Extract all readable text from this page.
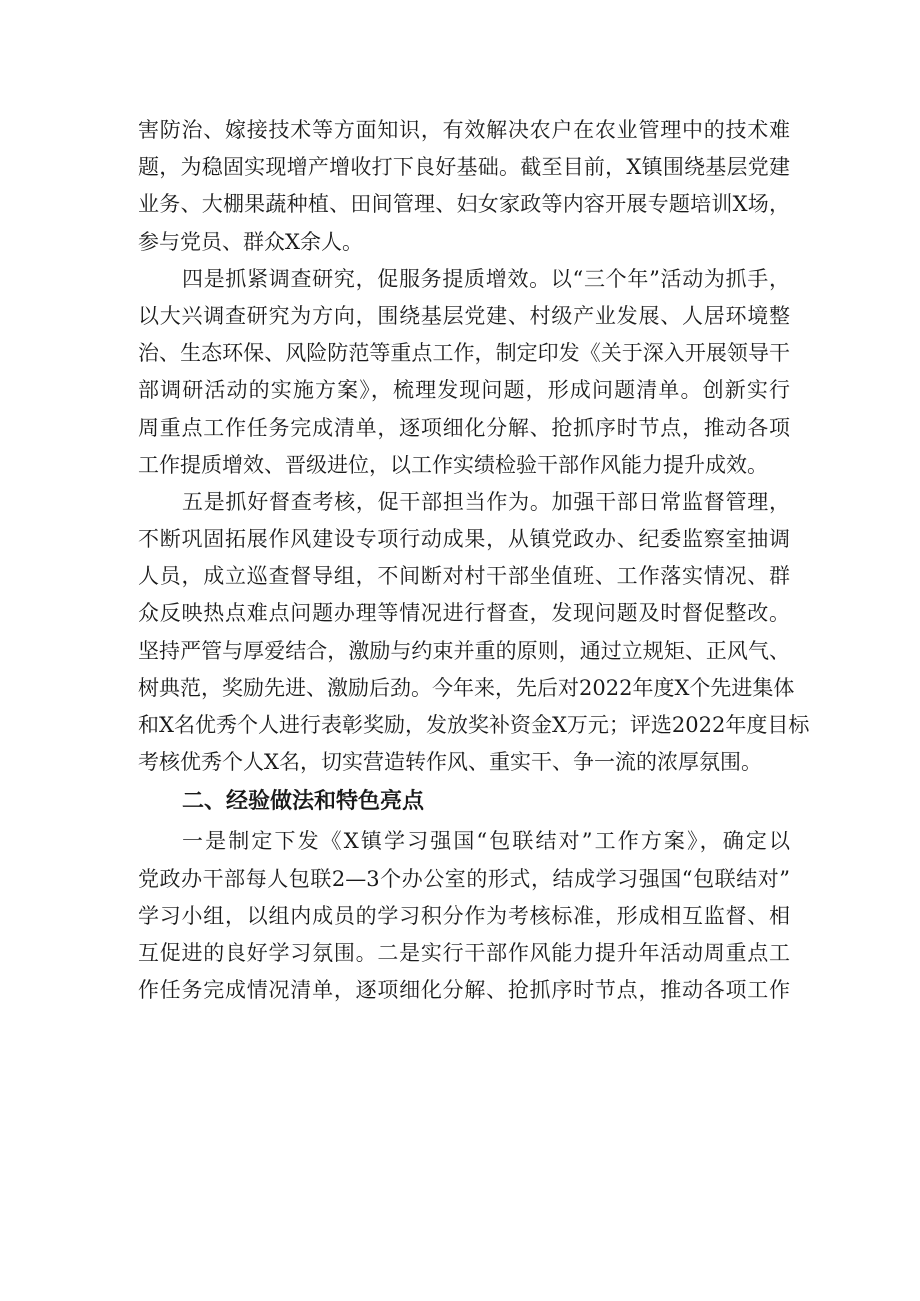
害防治、嫁接技术等方面知识，有效解决农户在农业管理中的技术难
题，为稳固实现增产增收打下良好基础。截至目前，X镇围绕基层党建
业务、大棚果蔬种植、田间管理、妇女家政等内容开展专题培训X场，
参与党员、群众X余人。
四是抓紧调查研究，促服务提质增效。以“三个年”活动为抓手，
以大兴调查研究为方向，围绕基层党建、村级产业发展、人居环境整
治、生态环保、风险防范等重点工作，制定印发《关于深入开展领导干
部调研活动的实施方案》，梳理发现问题，形成问题清单。创新实行
周重点工作任务完成清单，逐项细化分解、抢抓序时节点，推动各项
工作提质增效、晋级进位，以工作实绩检验干部作风能力提升成效。
五是抓好督查考核，促干部担当作为。加强干部日常监督管理，
不断巩固拓展作风建设专项行动成果，从镇党政办、纪委监察室抽调
人员，成立巡查督导组，不间断对村干部坐值班、工作落实情况、群
众反映热点难点问题办理等情况进行督查，发现问题及时督促整改。
坚持严管与厚爱结合，激励与约束并重的原则，通过立规矩、正风气、
树典范，奖励先进、激励后劲。今年来，先后对2022年度X个先进集体
和X名优秀个人进行表彰奖励，发放奖补资金X万元；评选2022年度目标
考核优秀个人X名，切实营造转作风、重实干、争一流的浓厚氛围。
二、经验做法和特色亮点
一是制定下发《X镇学习强国“包联结对”工作方案》，确定以
党政办干部每人包联2—3个办公室的形式，结成学习强国“包联结对”
学习小组，以组内成员的学习积分作为考核标准，形成相互监督、相
互促进的良好学习氛围。二是实行干部作风能力提升年活动周重点工
作任务完成情况清单，逐项细化分解、抢抓序时节点，推动各项工作
